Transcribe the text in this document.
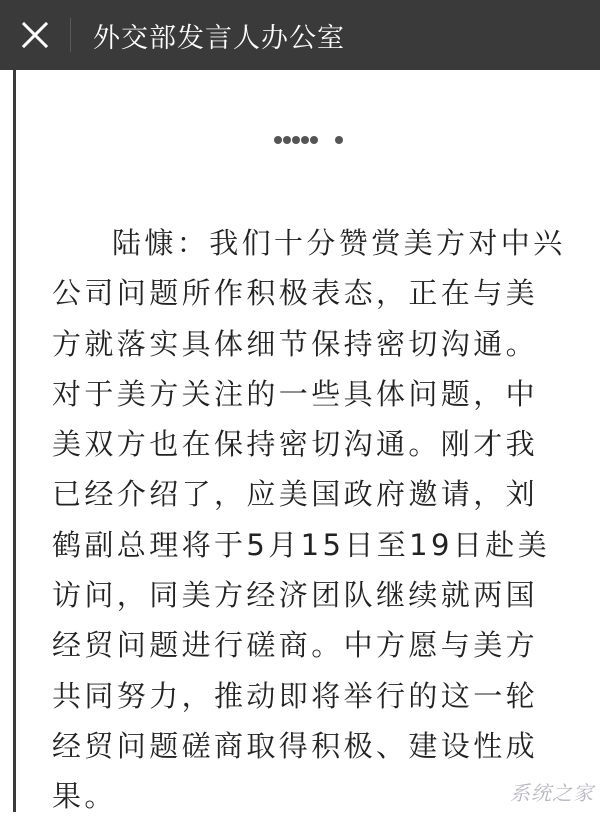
外交部发言人办公室

陆慷：我们十分赞赏美方对中兴公司问题所作积极表态，正在与美方就落实具体细节保持密切沟通。对于美方关注的一些具体问题，中美双方也在保持密切沟通。刚才我已经介绍了，应美国政府邀请，刘鹤副总理将于5月15日至19日赴美访问，同美方经济团队继续就两国经贸问题进行磋商。中方愿与美方共同努力，推动即将举行的这一轮经贸问题磋商取得积极、建设性成果。	系统之家
